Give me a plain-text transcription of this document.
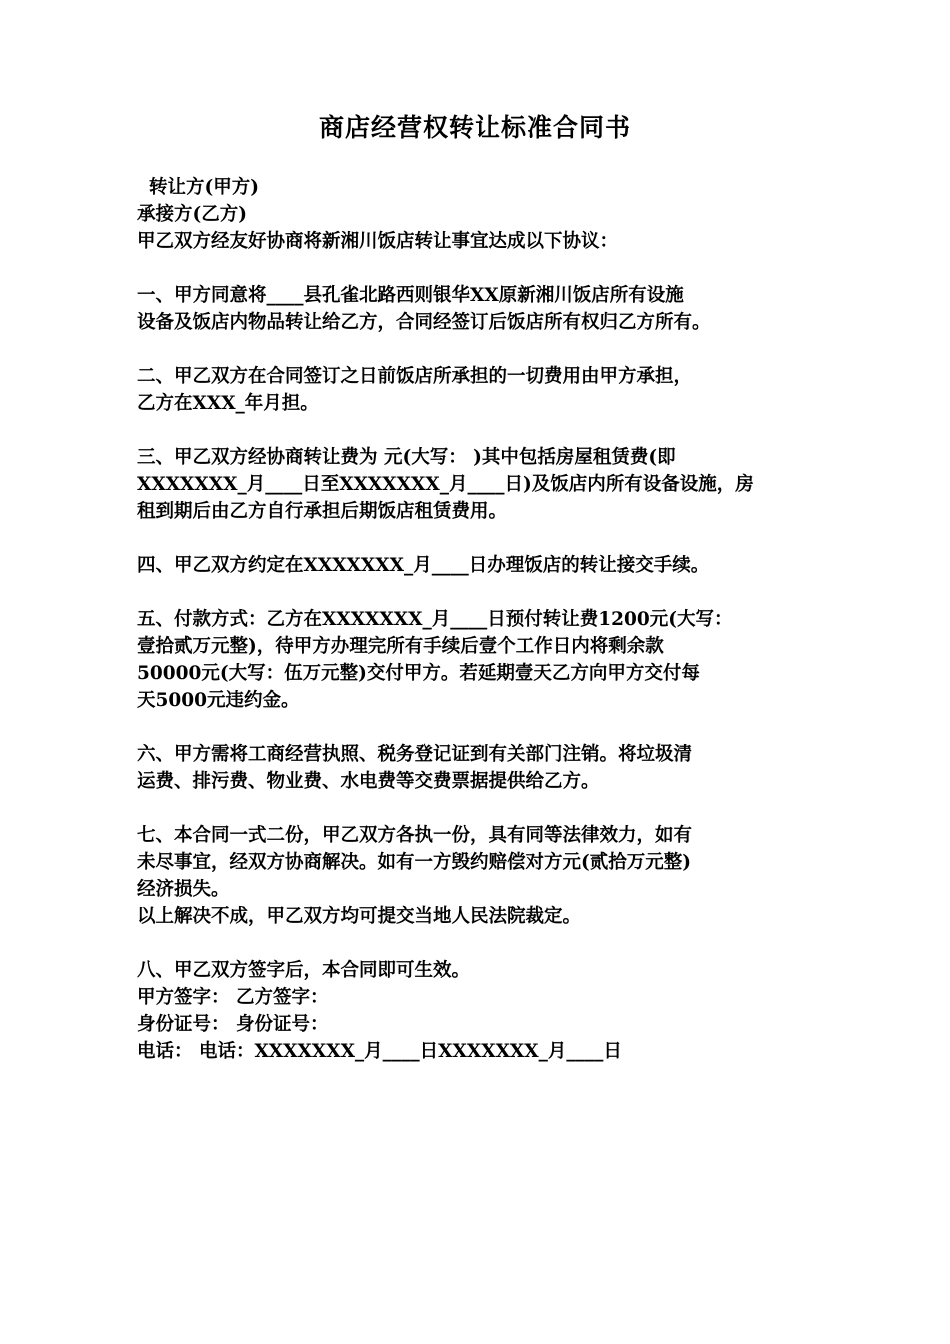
商店经营权转让标准合同书
转让方(甲方)
承接方(乙方)
甲乙双方经友好协商将新湘川饭店转让事宜达成以下协议：
一、甲方同意将____县孔雀北路西则银华XX原新湘川饭店所有设施
设备及饭店内物品转让给乙方，合同经签订后饭店所有权归乙方所有。
二、甲乙双方在合同签订之日前饭店所承担的一切费用由甲方承担，
乙方在XXX_年月担。
三、甲乙双方经协商转让费为 元(大写： )其中包括房屋租赁费(即
XXXXXXX_月____日至XXXXXXX_月____日)及饭店内所有设备设施，房
租到期后由乙方自行承担后期饭店租赁费用。
四、甲乙双方约定在XXXXXXX_月____日办理饭店的转让接交手续。
五、付款方式：乙方在XXXXXXX_月____日预付转让费1200元(大写：
壹拾贰万元整)，待甲方办理完所有手续后壹个工作日内将剩余款
50000元(大写：伍万元整)交付甲方。若延期壹天乙方向甲方交付每
天5000元违约金。
六、甲方需将工商经营执照、税务登记证到有关部门注销。将垃圾清
运费、排污费、物业费、水电费等交费票据提供给乙方。
七、本合同一式二份，甲乙双方各执一份，具有同等法律效力，如有
未尽事宜，经双方协商解决。如有一方毁约赔偿对方元(贰拾万元整)
经济损失。
以上解决不成，甲乙双方均可提交当地人民法院裁定。
八、甲乙双方签字后，本合同即可生效。
甲方签字： 乙方签字：
身份证号： 身份证号：
电话： 电话：XXXXXXX_月____日XXXXXXX_月____日
